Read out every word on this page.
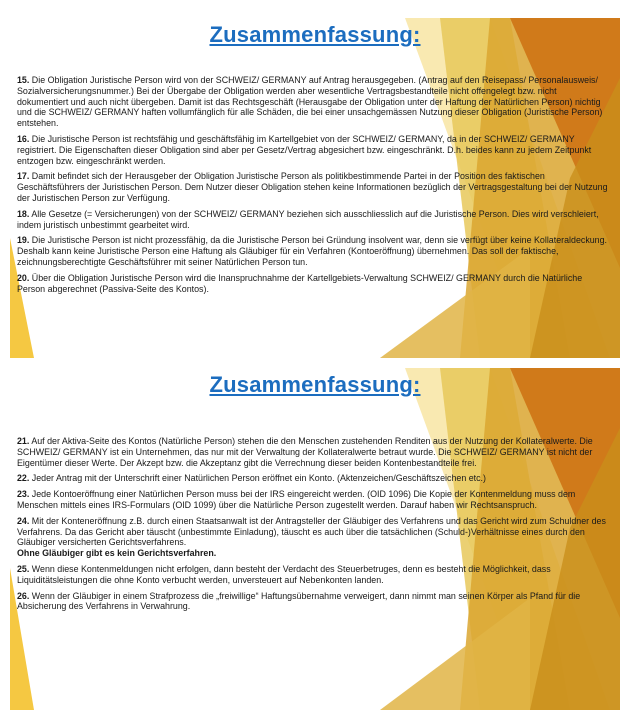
Zusammenfassung:

15. Die Obligation Juristische Person wird von der SCHWEIZ/ GERMANY auf Antrag herausgegeben. (Antrag auf den Reisepass/ Personalausweis/ Sozialversicherungsnummer.) Bei der Übergabe der Obligation werden aber wesentliche Vertragsbestandteile nicht offengelegt bzw. nicht dokumentiert und auch nicht übergeben. Damit ist das Rechtsgeschäft (Herausgabe der Obligation unter der Haftung der Natürlichen Person) nichtig und die SCHWEIZ/ GERMANY haften vollumfänglich für alle Schäden, die bei einer unsachgemässen Nutzung dieser Obligation (Juristische Person) entstehen.

16. Die Juristische Person ist rechtsfähig und geschäftsfähig im Kartellgebiet von der SCHWEIZ/ GERMANY, da in der SCHWEIZ/ GERMANY registriert. Die Eigenschaften dieser Obligation sind aber per Gesetz/Vertrag abgesichert bzw. eingeschränkt. D.h. beides kann zu jedem Zeitpunkt entzogen bzw. eingeschränkt werden.

17. Damit befindet sich der Herausgeber der Obligation Juristische Person als politikbestimmende Partei in der Position des faktischen Geschäftsführers der Juristischen Person. Dem Nutzer dieser Obligation stehen keine Informationen bezüglich der Vertragsgestaltung bei der Nutzung der Juristischen Person zur Verfügung.

18. Alle Gesetze (= Versicherungen) von der SCHWEIZ/ GERMANY beziehen sich ausschliesslich auf die Juristische Person. Dies wird verschleiert, indem juristisch unbestimmt gearbeitet wird.

19. Die Juristische Person ist nicht prozessfähig, da die Juristische Person bei Gründung insolvent war, denn sie verfügt über keine Kollateraldeckung. Deshalb kann keine Juristische Person eine Haftung als Gläubiger für ein Verfahren (Kontoeröffnung) übernehmen. Das soll der faktische, zeichnungsberechtigte Geschäftsführer mit seiner Natürlichen Person tun.

20. Über die Obligation Juristische Person wird die Inanspruchnahme der Kartellgebiets-Verwaltung SCHWEIZ/ GERMANY durch die Natürliche Person abgerechnet (Passiva-Seite des Kontos).

Zusammenfassung:

21. Auf der Aktiva-Seite des Kontos (Natürliche Person) stehen die den Menschen zustehenden Renditen aus der Nutzung der Kollateralwerte. Die SCHWEIZ/ GERMANY ist ein Unternehmen, das nur mit der Verwaltung der Kollateralwerte betraut wurde. Die SCHWEIZ/ GERMANY ist nicht der Eigentümer dieser Werte. Der Akzept bzw. die Akzeptanz gibt die Verrechnung dieser beiden Kontenbestandteile frei.

22. Jeder Antrag mit der Unterschrift einer Natürlichen Person eröffnet ein Konto. (Aktenzeichen/Geschäftszeichen etc.)

23. Jede Kontoeröffnung einer Natürlichen Person muss bei der IRS eingereicht werden. (OID 1096) Die Kopie der Kontenmeldung muss dem Menschen mittels eines IRS-Formulars (OID 1099) über die Natürliche Person zugestellt werden. Darauf haben wir Rechtsanspruch.

24. Mit der Konteneröffnung z.B. durch einen Staatsanwalt ist der Antragsteller der Gläubiger des Verfahrens und das Gericht wird zum Schuldner des Verfahrens. Da das Gericht aber täuscht (unbestimmte Einladung), täuscht es auch über die tatsächlichen (Schuld-)Verhältnisse eines durch den Gläubiger versicherten Gerichtsverfahrens.
Ohne Gläubiger gibt es kein Gerichtsverfahren.

25. Wenn diese Kontenmeldungen nicht erfolgen, dann besteht der Verdacht des Steuerbetruges, denn es besteht die Möglichkeit, dass Liquiditätsleistungen die ohne Konto verbucht werden, unversteuert auf Nebenkonten landen.

26. Wenn der Gläubiger in einem Strafprozess die „freiwillige“ Haftungsübernahme verweigert, dann nimmt man seinen Körper als Pfand für die Absicherung des Verfahrens in Verwahrung.
